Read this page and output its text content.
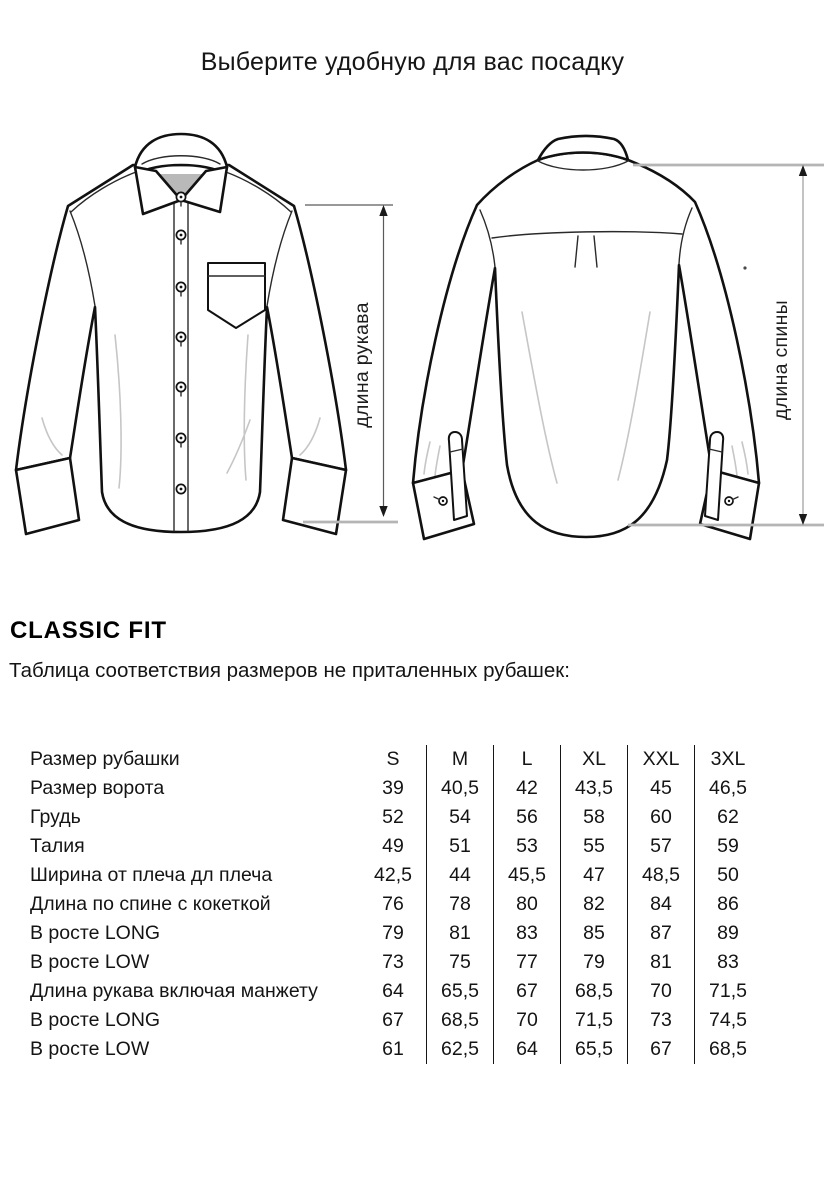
Выберите удобную для вас посадку
длина рукава	длина спины
CLASSIC FIT
Таблица соответствия размеров не приталенных рубашек:
Размер рубашки	S	M	L	XL	XXL	3XL
Размер ворота	39	40,5	42	43,5	45	46,5
Грудь	52	54	56	58	60	62
Талия	49	51	53	55	57	59
Ширина от плеча дл плеча	42,5	44	45,5	47	48,5	50
Длина по спине с кокеткой	76	78	80	82	84	86
В росте LONG	79	81	83	85	87	89
В росте LOW	73	75	77	79	81	83
Длина рукава включая манжету	64	65,5	67	68,5	70	71,5
В росте LONG	67	68,5	70	71,5	73	74,5
В росте LOW	61	62,5	64	65,5	67	68,5
